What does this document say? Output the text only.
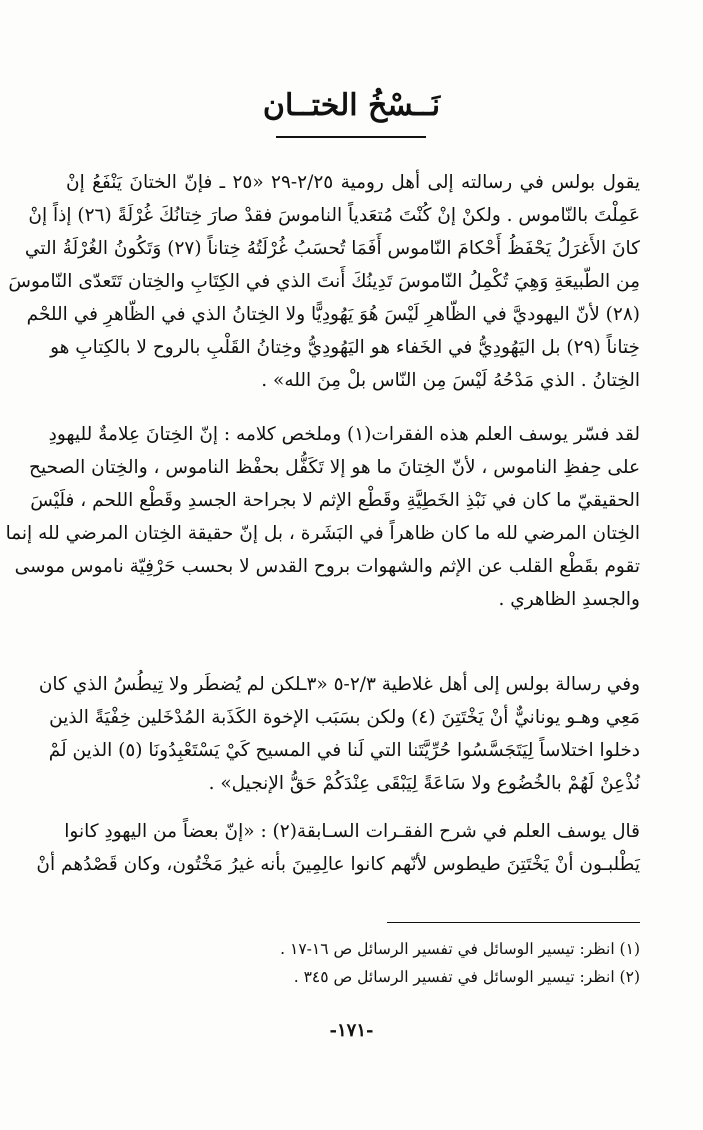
نَــسْخُ الختــان
يقول بولس في رسالته إلى أهل رومية ٢/٢٥-٢٩ «٢٥ ـ فإنّ الختانَ يَنْفَعُ إنْ
عَمِلْتَ بالنّاموس . ولكنْ إنْ كُنْتَ مُتعَدياً الناموسَ فقدْ صارَ خِتانُكَ غُرْلَةً (٢٦) إذاً إنْ
كانَ الأَغرَلُ يَحْفَظُ أَحْكامَ النّاموس أَفَمَا تُحسَبُ غُرْلَتُهُ خِتاناً (٢٧) وَتَكُونُ الغُرْلَةُ التي
مِن الطّبيعَةِ وَهِيَ تُكْمِلُ النّاموسَ تَدِينُكَ أَنتَ الذي في الكِتَابِ والخِتان تَتَعدّى النّاموسَ
(٢٨) لأنّ اليهوديَّ في الظّاهرِ لَيْسَ هُوَ يَهُودِيًّا ولا الخِتانُ الذي في الظّاهرِ في اللحْم
خِتاناً (٢٩) بل اليَهُودِيُّ في الخَفاء هو اليَهُودِيُّ وخِتانُ القَلْبِ بالروح لا بالكِتابِ هو
الخِتانُ . الذي مَدْحُهُ لَيْسَ مِن النّاس بلْ مِنَ الله» .
لقد فسّر يوسف العلم هذه الفقرات(١) وملخص كلامه : إنّ الخِتانَ عِلامةٌ لليهودِ
على حِفظِ الناموس ، لأنّ الخِتانَ ما هو إلا تَكَفُّل بحفْظ الناموس ، والخِتان الصحيح
الحقيقيّ ما كان في نَبْذِ الخَطِيَّةِ وقَطْع الإثم لا بجراحة الجسدِ وقَطْع اللحم ، فلَيْسَ
الخِتان المرضي لله ما كان ظاهراً في البَشَرة ، بل إنّ حقيقة الخِتان المرضي لله إنما
تقوم بقَطْع القلب عن الإثم والشهوات بروح القدس لا بحسب حَرْفِيّة ناموس موسى
والجسدِ الظاهري .
وفي رسالة بولس إلى أهل غلاطية ٢/٣-٥ «٣ـلكن لم يُضطَر ولا تِيطُسُ الذي كان
مَعِي وهـو يونانيٌّ أنْ يَخْتَتِنَ (٤) ولكن بسَبَب الإخوة الكَذَبة المُدْخَلين خِفْيَةً الذين
دخلوا اختلاساً لِيَتَجَسَّسُوا حُرِّيَّتَنا التي لَنا في المسيح كَيْ يَسْتَعْبِدُونَا (٥) الذين لَمْ
نُذْعِنْ لَهُمْ بالخُضُوع ولا سَاعَةً لِيَبْقَى عِنْدَكُمْ حَقُّ الإنجيل» .
قال يوسف العلم في شرح الفقـرات السـابقة(٢) : «إنّ بعضاً من اليهودِ كانوا
يَطْلبـون أنْ يَخْتَتِنَ طيطوس لأنّهم كانوا عالِمِينَ بأنه غيرُ مَخْتُون، وكان قَصْدُهم أنْ
(١) انظر: تيسير الوسائل في تفسير الرسائل ص ١٦-١٧ .
(٢) انظر: تيسير الوسائل في تفسير الرسائل ص ٣٤٥ .
-١٧١-
